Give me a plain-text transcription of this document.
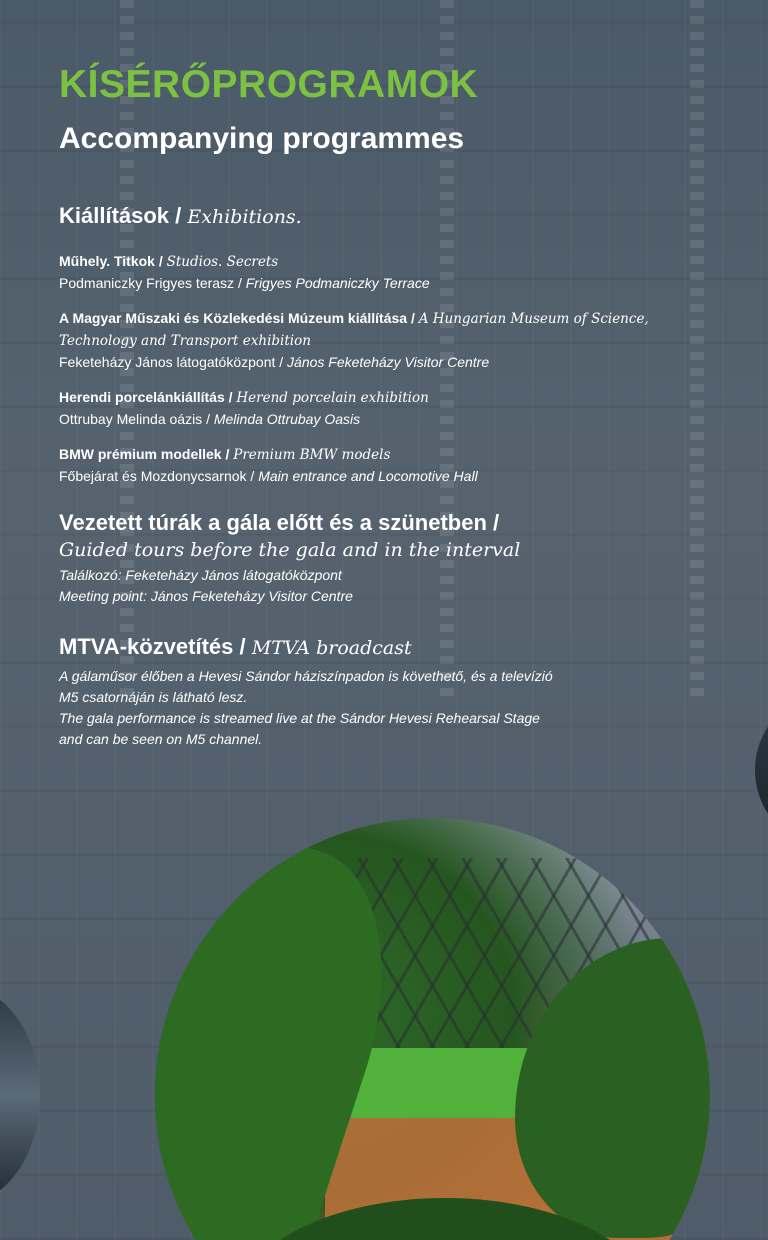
KÍSÉRŐPROGRAMOK
Accompanying programmes
Kiállítások / Exhibitions.
Műhely. Titkok / Studios. Secrets
Podmaniczky Frigyes terasz / Frigyes Podmaniczky Terrace
A Magyar Műszaki és Közlekedési Múzeum kiállítása / A Hungarian Museum of Science, Technology and Transport exhibition
Feketeházy János látogatóközpont / János Feketeházy Visitor Centre
Herendi porcelánkiállítás / Herend porcelain exhibition
Ottrubay Melinda oázis / Melinda Ottrubay Oasis
BMW prémium modellek / Premium BMW models
Főbejárat és Mozdonycsarnok / Main entrance and Locomotive Hall
Vezetett túrák a gála előtt és a szünetben /
Guided tours before the gala and in the interval
Találkozó: Feketeházy János látogatóközpont
Meeting point: János Feketeházy Visitor Centre
MTVA-közvetítés / MTVA broadcast
A gálaműsor élőben a Hevesi Sándor háziszínpadon is követhető, és a televízió
M5 csatornáján is látható lesz.
The gala performance is streamed live at the Sándor Hevesi Rehearsal Stage
and can be seen on M5 channel.
